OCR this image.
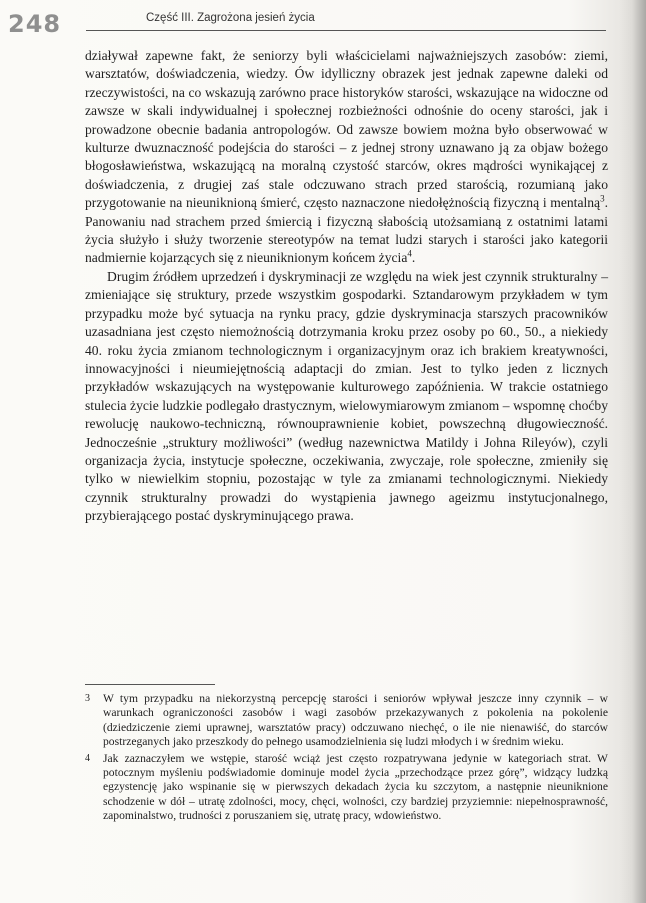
248	Część III. Zagrożona jesień życia

działywał zapewne fakt, że seniorzy byli właścicielami najważniejszych zasobów: ziemi, warsztatów, doświadczenia, wiedzy. Ów idylliczny obrazek jest jednak zapewne daleki od rzeczywistości, na co wskazują zarówno prace historyków starości, wskazujące na widoczne od zawsze w skali indywidualnej i społecznej rozbieżności odnośnie do oceny starości, jak i prowadzone obecnie badania antropologów. Od zawsze bowiem można było obserwować w kulturze dwuznaczność podejścia do starości – z jednej strony uznawano ją za objaw bożego błogosławieństwa, wskazującą na moralną czystość starców, okres mądrości wynikającej z doświadczenia, z drugiej zaś stale odczuwano strach przed starością, rozumianą jako przygotowanie na nieuniknioną śmierć, często naznaczone niedołężnością fizyczną i mentalną$^3$. Panowaniu nad strachem przed śmiercią i fizyczną słabością utożsamianą z ostatnimi latami życia służyło i służy tworzenie stereotypów na temat ludzi starych i starości jako kategorii nadmiernie kojarzących się z nieuniknionym końcem życia$^4$.

Drugim źródłem uprzedzeń i dyskryminacji ze względu na wiek jest czynnik strukturalny – zmieniające się struktury, przede wszystkim gospodarki. Sztandarowym przykładem w tym przypadku może być sytuacja na rynku pracy, gdzie dyskryminacja starszych pracowników uzasadniana jest często niemożnością dotrzymania kroku przez osoby po 60., 50., a niekiedy 40. roku życia zmianom technologicznym i organizacyjnym oraz ich brakiem kreatywności, innowacyjności i nieumiejętnością adaptacji do zmian. Jest to tylko jeden z licznych przykładów wskazujących na występowanie kulturowego zapóźnienia. W trakcie ostatniego stulecia życie ludzkie podlegało drastycznym, wielowymiarowym zmianom – wspomnę choćby rewolucję naukowo-techniczną, równouprawnienie kobiet, powszechną długowieczność. Jednocześnie „struktury możliwości” (według nazewnictwa Matildy i Johna Rileyów), czyli organizacja życia, instytucje społeczne, oczekiwania, zwyczaje, role społeczne, zmieniły się tylko w niewielkim stopniu, pozostając w tyle za zmianami technologicznymi. Niekiedy czynnik strukturalny prowadzi do wystąpienia jawnego ageizmu instytucjonalnego, przybierającego postać dyskryminującego prawa.

3 W tym przypadku na niekorzystną percepcję starości i seniorów wpływał jeszcze inny czynnik – w warunkach ograniczoności zasobów i wagi zasobów przekazywanych z pokolenia na pokolenie (dziedziczenie ziemi uprawnej, warsztatów pracy) odczuwano niechęć, o ile nie nienawiść, do starców postrzeganych jako przeszkody do pełnego usamodzielnienia się ludzi młodych i w średnim wieku.
4 Jak zaznaczyłem we wstępie, starość wciąż jest często rozpatrywana jedynie w kategoriach strat. W potocznym myśleniu podświadomie dominuje model życia „przechodzące przez górę”, widzący ludzką egzystencję jako wspinanie się w pierwszych dekadach życia ku szczytom, a następnie nieuniknione schodzenie w dół – utratę zdolności, mocy, chęci, wolności, czy bardziej przyziemnie: niepełnosprawność, zapominalstwo, trudności z poruszaniem się, utratę pracy, wdowieństwo.
